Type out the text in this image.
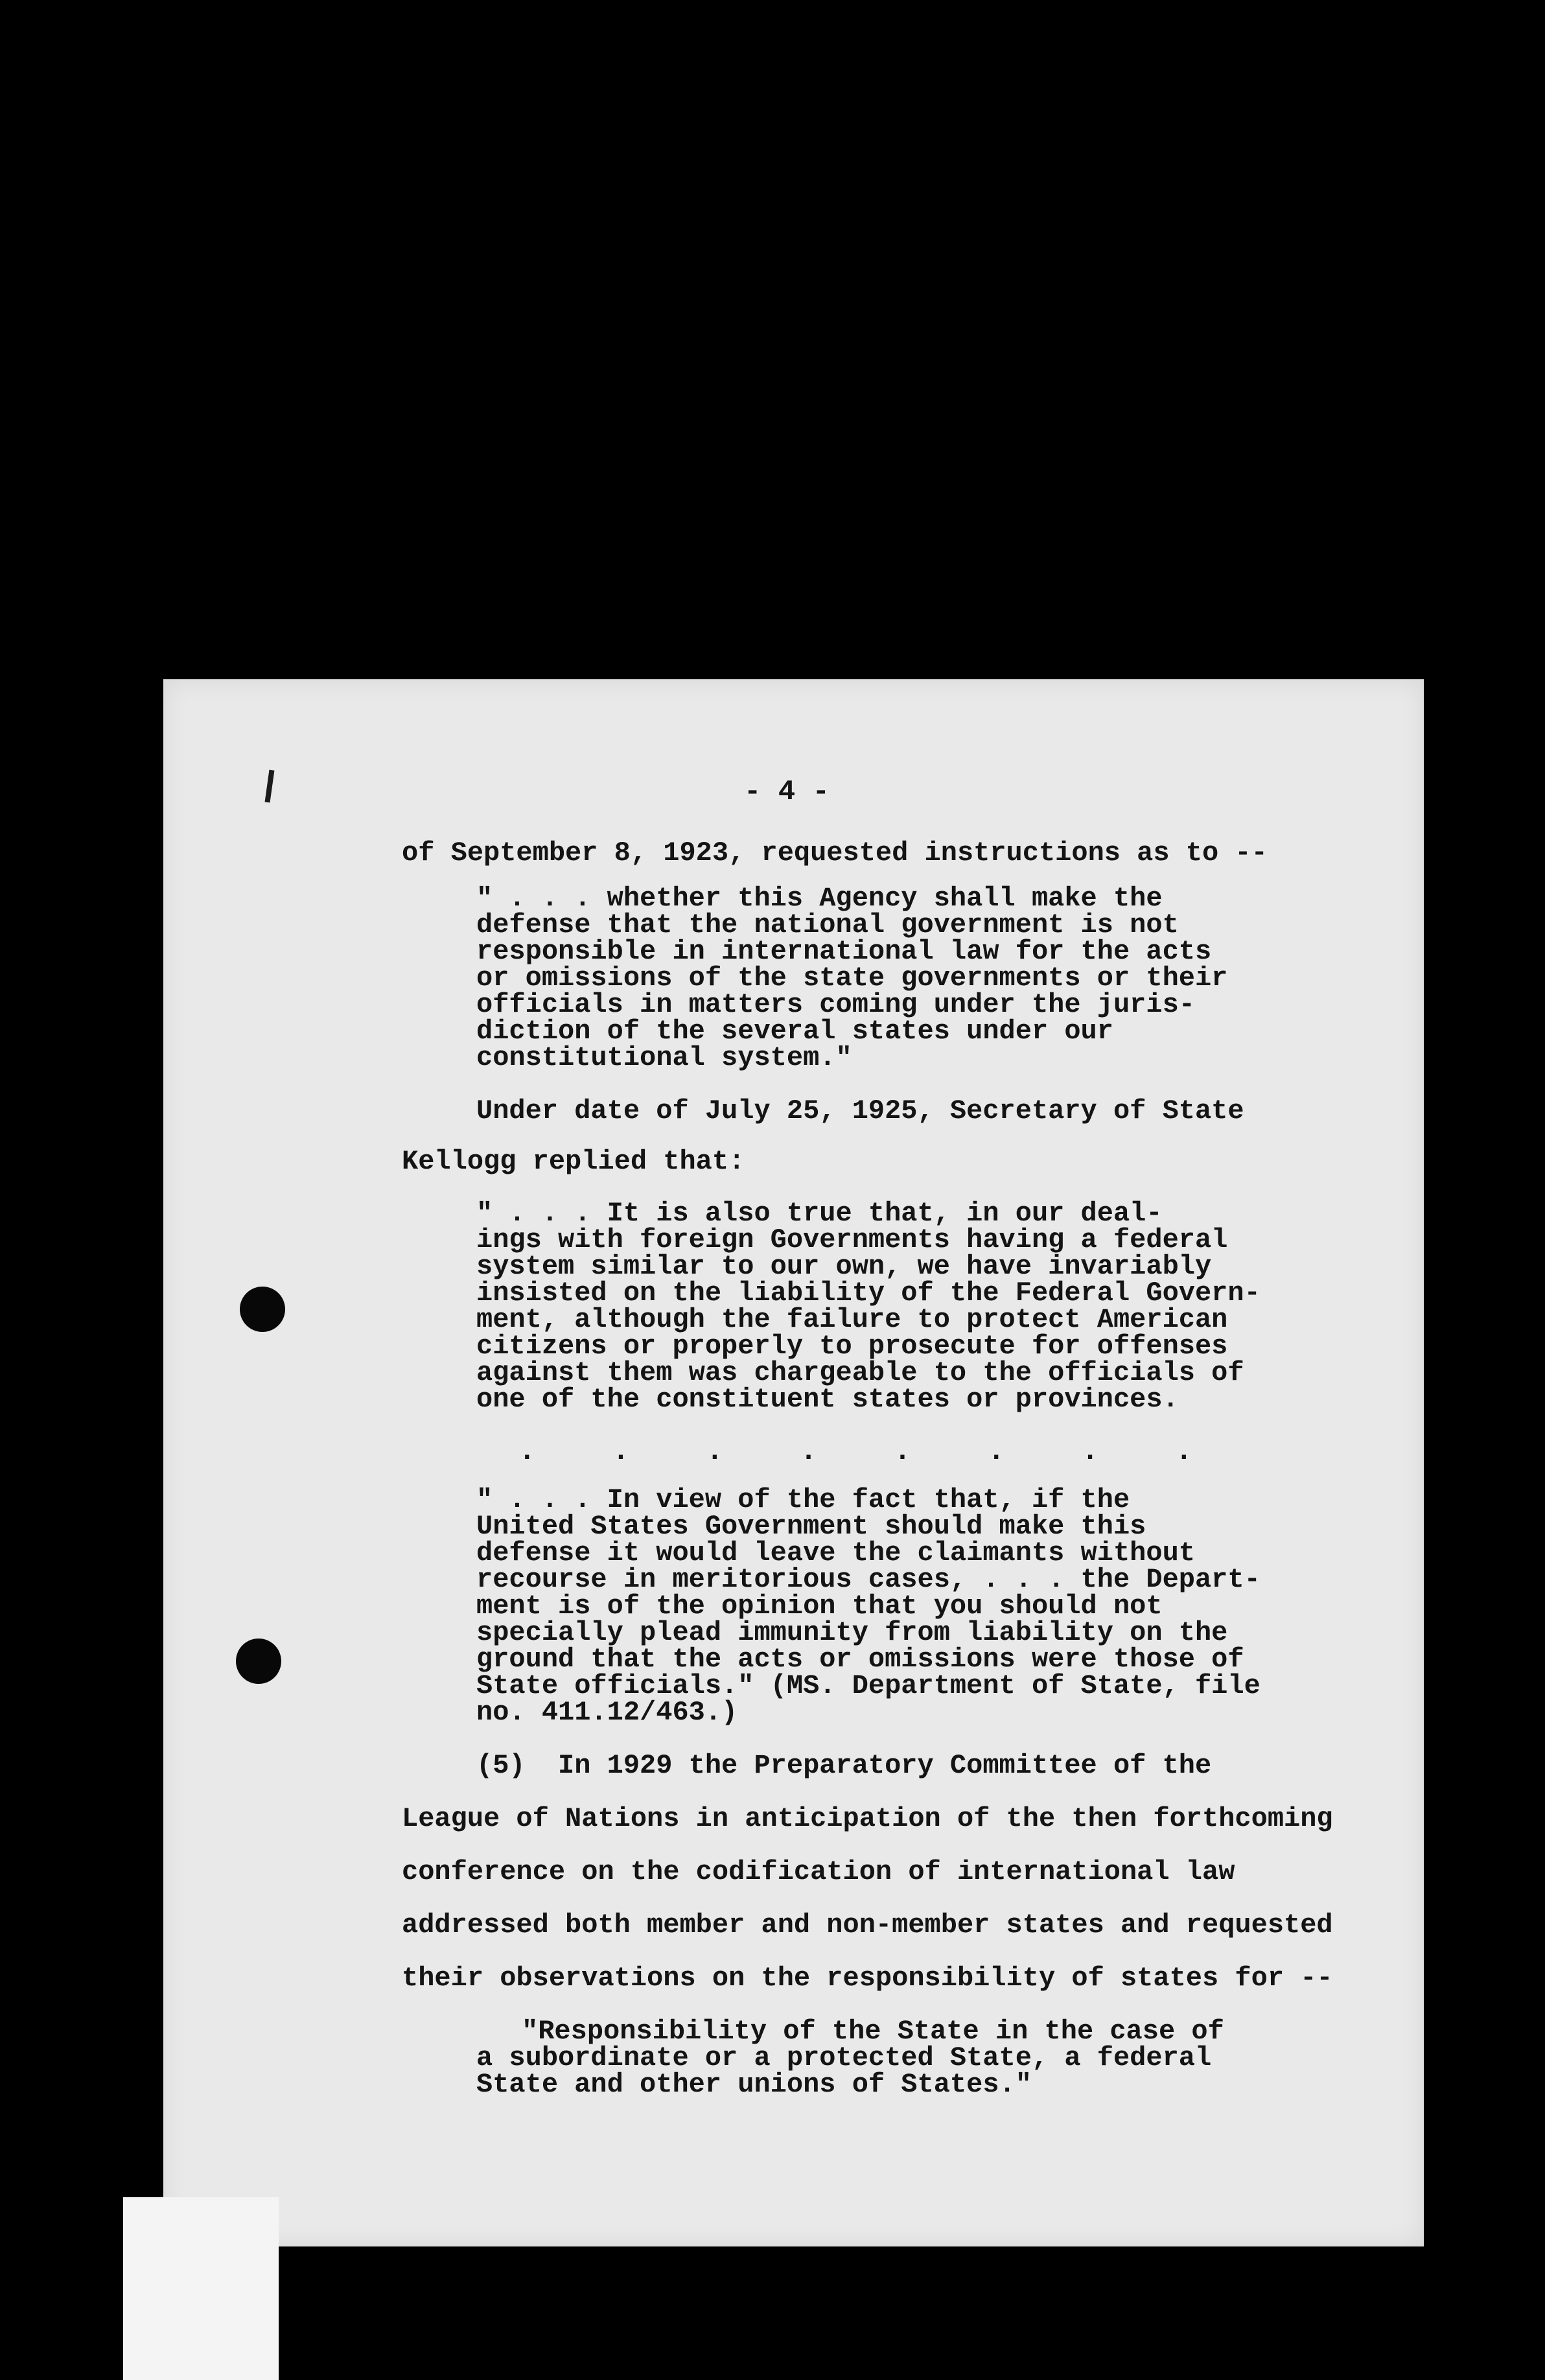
- 4 -
of September 8, 1923, requested instructions as to --
" . . . whether this Agency shall make the
defense that the national government is not
responsible in international law for the acts
or omissions of the state governments or their
officials in matters coming under the juris-
diction of the several states under our
constitutional system."
Under date of July 25, 1925, Secretary of State
Kellogg replied that:
" . . . It is also true that, in our deal-
ings with foreign Governments having a federal
system similar to our own, we have invariably
insisted on the liability of the Federal Govern-
ment, although the failure to protect American
citizens or properly to prosecute for offenses
against them was chargeable to the officials of
one of the constituent states or provinces.
. . . . . . . .
" . . . In view of the fact that, if the
United States Government should make this
defense it would leave the claimants without
recourse in meritorious cases, . . . the Depart-
ment is of the opinion that you should not
specially plead immunity from liability on the
ground that the acts or omissions were those of
State officials." (MS. Department of State, file
no. 411.12/463.)
(5)  In 1929 the Preparatory Committee of the
League of Nations in anticipation of the then forthcoming
conference on the codification of international law
addressed both member and non-member states and requested
their observations on the responsibility of states for --
"Responsibility of the State in the case of
a subordinate or a protected State, a federal
State and other unions of States."
